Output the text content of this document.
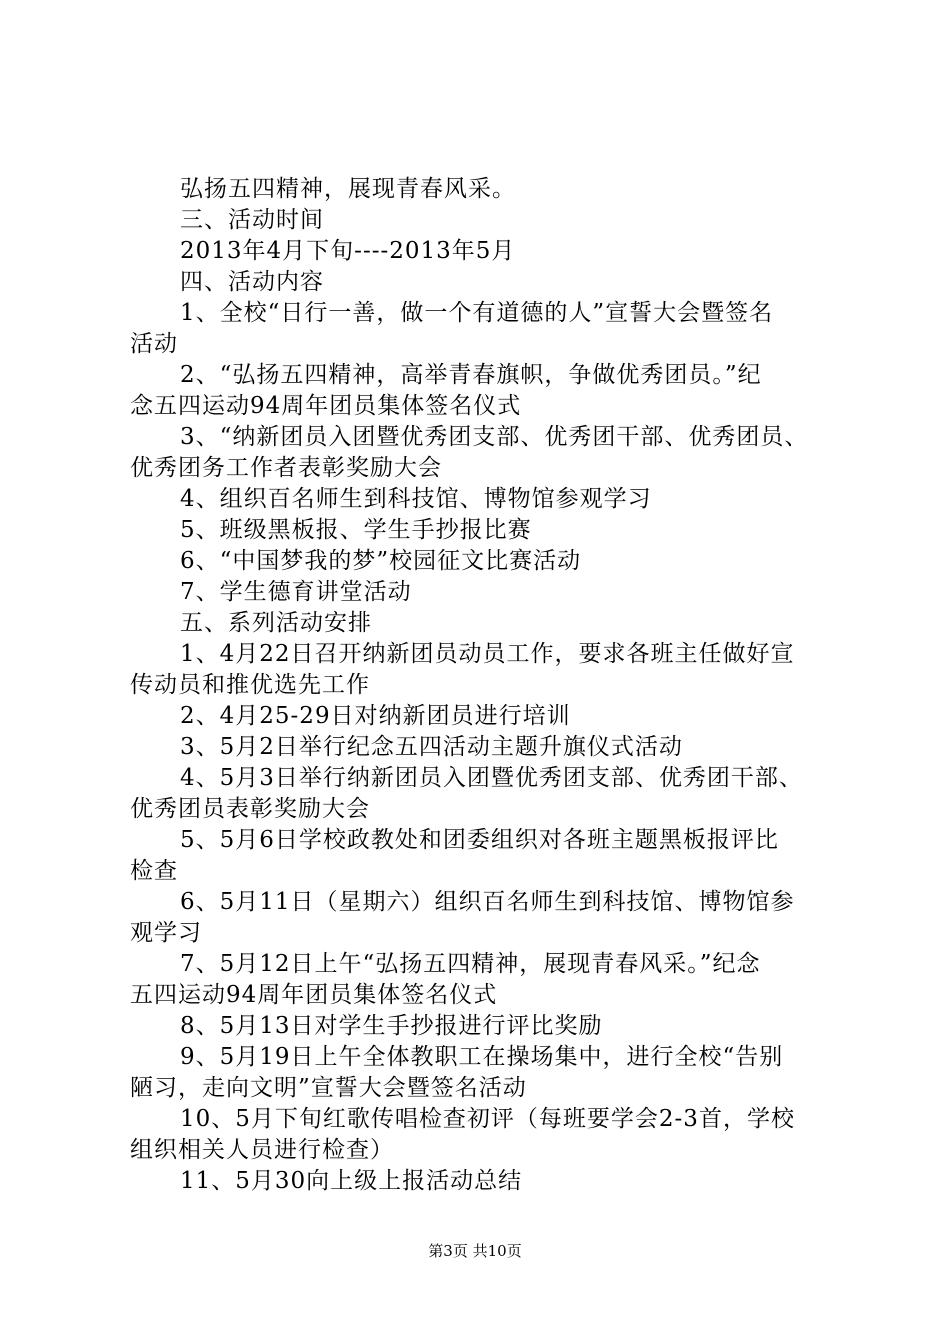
弘扬五四精神，展现青春风采。
三、活动时间
2013年4月下旬----2013年5月
四、活动内容
1、全校“日行一善，做一个有道德的人”宣誓大会暨签名
活动
2、“弘扬五四精神，高举青春旗帜，争做优秀团员。”纪
念五四运动94周年团员集体签名仪式
3、“纳新团员入团暨优秀团支部、优秀团干部、优秀团员、
优秀团务工作者表彰奖励大会
4、组织百名师生到科技馆、博物馆参观学习
5、班级黑板报、学生手抄报比赛
6、“中国梦我的梦”校园征文比赛活动
7、学生德育讲堂活动
五、系列活动安排
1、4月22日召开纳新团员动员工作，要求各班主任做好宣
传动员和推优选先工作
2、4月25-29日对纳新团员进行培训
3、5月2日举行纪念五四活动主题升旗仪式活动
4、5月3日举行纳新团员入团暨优秀团支部、优秀团干部、
优秀团员表彰奖励大会
5、5月6日学校政教处和团委组织对各班主题黑板报评比
检查
6、5月11日（星期六）组织百名师生到科技馆、博物馆参
观学习
7、5月12日上午“弘扬五四精神，展现青春风采。”纪念
五四运动94周年团员集体签名仪式
8、5月13日对学生手抄报进行评比奖励
9、5月19日上午全体教职工在操场集中，进行全校“告别
陋习，走向文明”宣誓大会暨签名活动
10、5月下旬红歌传唱检查初评（每班要学会2-3首，学校
组织相关人员进行检查）
11、5月30向上级上报活动总结
第3页 共10页
